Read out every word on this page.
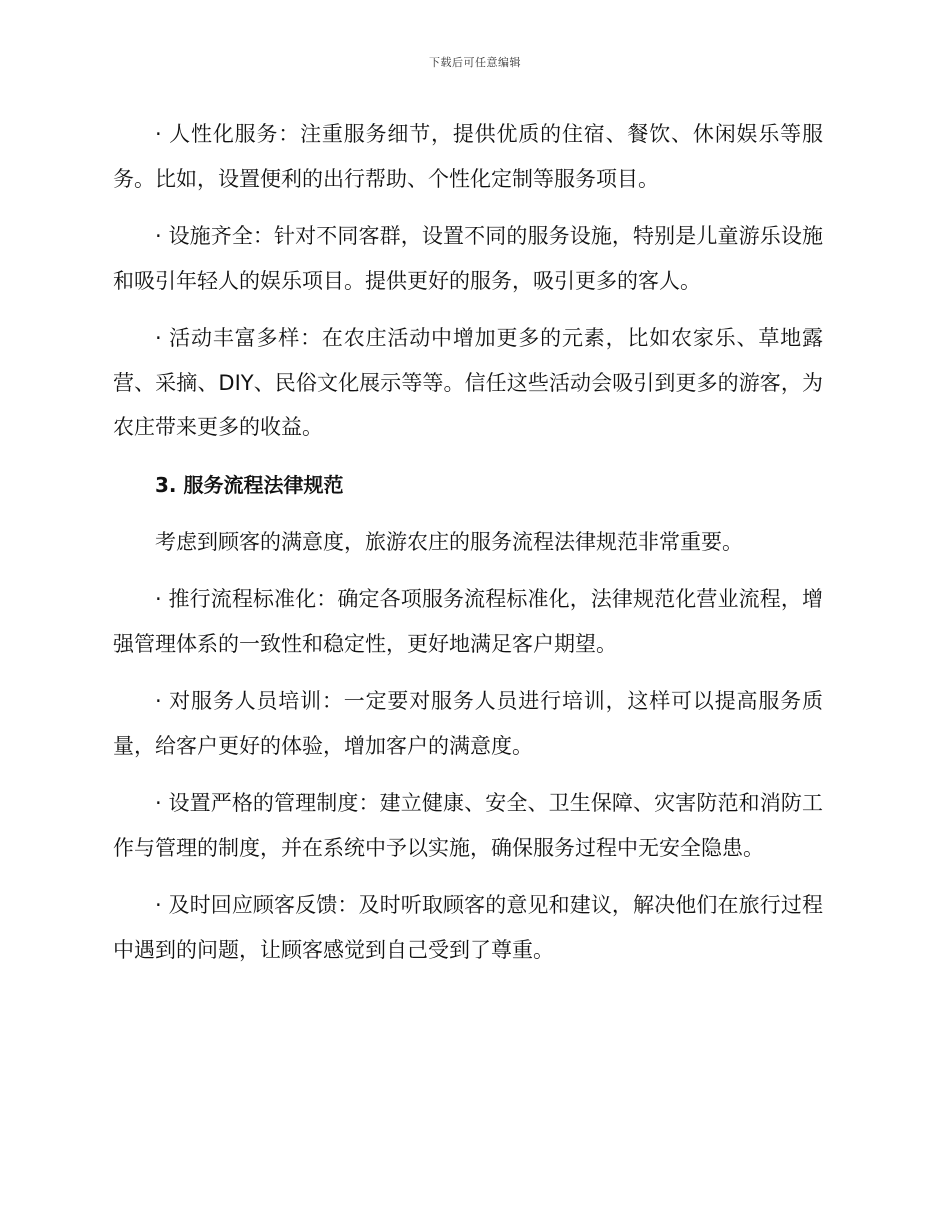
下载后可任意编辑

· 人性化服务：注重服务细节，提供优质的住宿、餐饮、休闲娱乐等服务。比如，设置便利的出行帮助、个性化定制等服务项目。

· 设施齐全：针对不同客群，设置不同的服务设施，特别是儿童游乐设施和吸引年轻人的娱乐项目。提供更好的服务，吸引更多的客人。

· 活动丰富多样：在农庄活动中增加更多的元素，比如农家乐、草地露营、采摘、DIY、民俗文化展示等等。信任这些活动会吸引到更多的游客，为农庄带来更多的收益。

3. 服务流程法律规范

考虑到顾客的满意度，旅游农庄的服务流程法律规范非常重要。

· 推行流程标准化：确定各项服务流程标准化，法律规范化营业流程，增强管理体系的一致性和稳定性，更好地满足客户期望。

· 对服务人员培训：一定要对服务人员进行培训，这样可以提高服务质量，给客户更好的体验，增加客户的满意度。

· 设置严格的管理制度：建立健康、安全、卫生保障、灾害防范和消防工作与管理的制度，并在系统中予以实施，确保服务过程中无安全隐患。

· 及时回应顾客反馈：及时听取顾客的意见和建议，解决他们在旅行过程中遇到的问题，让顾客感觉到自己受到了尊重。
